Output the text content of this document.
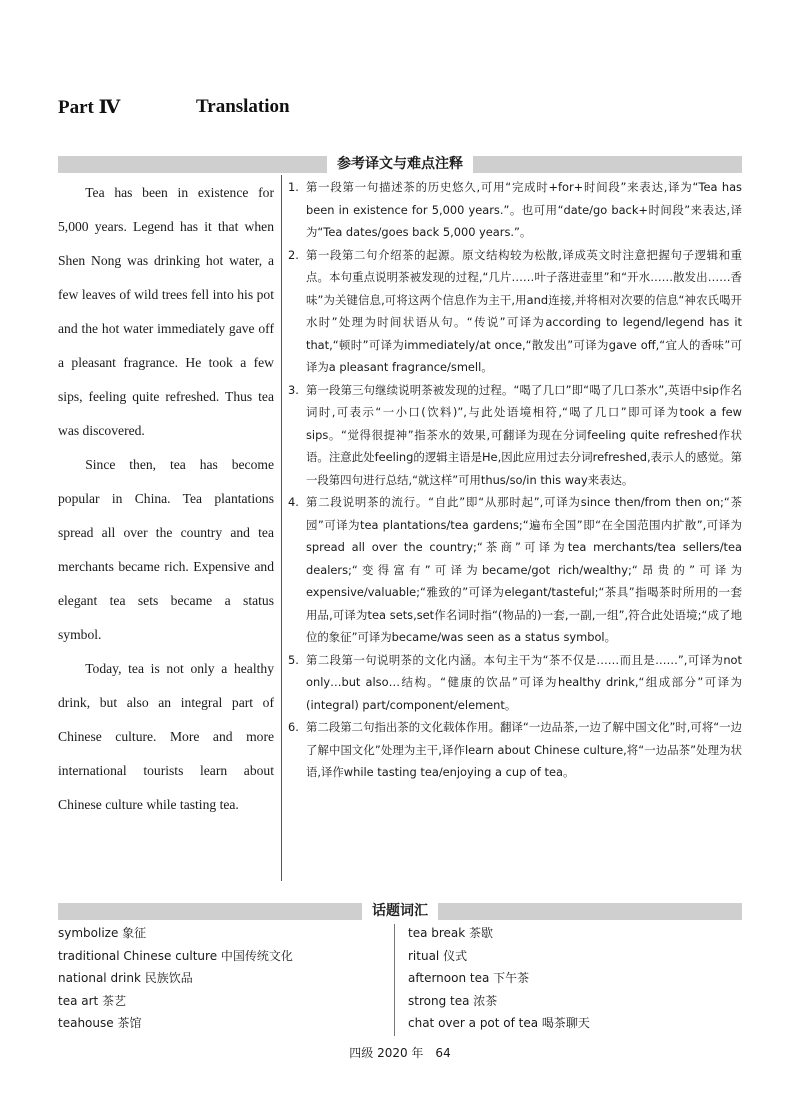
Part Ⅳ	Translation
参考译文与难点注释

Tea has been in existence for 5,000 years. Legend has it that when Shen Nong was drinking hot water, a few leaves of wild trees fell into his pot and the hot water immediately gave off a pleasant fragrance. He took a few sips, feeling quite refreshed. Thus tea was discovered.

Since then, tea has become popular in China. Tea plantations spread all over the country and tea merchants became rich. Expensive and elegant tea sets became a status symbol.

Today, tea is not only a healthy drink, but also an integral part of Chinese culture. More and more international tourists learn about Chinese culture while tasting tea.

1. 第一段第一句描述茶的历史悠久,可用“完成时+for+时间段”来表达,译为“Tea has been in existence for 5,000 years.”。也可用“date/go back+时间段”来表达,译为“Tea dates/goes back 5,000 years.”。
2. 第一段第二句介绍茶的起源。原文结构较为松散,译成英文时注意把握句子逻辑和重点。本句重点说明茶被发现的过程,“几片……叶子落进壶里”和“开水……散发出……香味”为关键信息,可将这两个信息作为主干,用and连接,并将相对次要的信息“神农氏喝开水时”处理为时间状语从句。“传说”可译为according to legend/legend has it that,“顿时”可译为immediately/at once,“散发出”可译为gave off,“宜人的香味”可译为a pleasant fragrance/smell。
3. 第一段第三句继续说明茶被发现的过程。“喝了几口”即“喝了几口茶水”,英语中sip作名词时,可表示“一小口(饮料)”,与此处语境相符,“喝了几口”即可译为took a few sips。“觉得很提神”指茶水的效果,可翻译为现在分词feeling quite refreshed作状语。注意此处feeling的逻辑主语是He,因此应用过去分词refreshed,表示人的感觉。第一段第四句进行总结,“就这样”可用thus/so/in this way来表达。
4. 第二段说明茶的流行。“自此”即“从那时起”,可译为since then/from then on;“茶园”可译为tea plantations/tea gardens;“遍布全国”即“在全国范围内扩散”,可译为spread all over the country;“茶商”可译为tea merchants/tea sellers/tea dealers;“变得富有”可译为became/got rich/wealthy;“昂贵的”可译为expensive/valuable;“雅致的”可译为elegant/tasteful;“茶具”指喝茶时所用的一套用品,可译为tea sets,set作名词时指“(物品的)一套,一副,一组”,符合此处语境;“成了地位的象征”可译为became/was seen as a status symbol。
5. 第二段第一句说明茶的文化内涵。本句主干为“茶不仅是……而且是……”,可译为not only…but also…结构。“健康的饮品”可译为healthy drink,“组成部分”可译为(integral) part/component/element。
6. 第二段第二句指出茶的文化载体作用。翻译“一边品茶,一边了解中国文化”时,可将“一边了解中国文化”处理为主干,译作learn about Chinese culture,将“一边品茶”处理为状语,译作while tasting tea/enjoying a cup of tea。
话题词汇
symbolize 象征
traditional Chinese culture 中国传统文化
national drink 民族饮品
tea art 茶艺
teahouse 茶馆
tea break 茶歇
ritual 仪式
afternoon tea 下午茶
strong tea 浓茶
chat over a pot of tea 喝茶聊天
四级 2020 年　64
